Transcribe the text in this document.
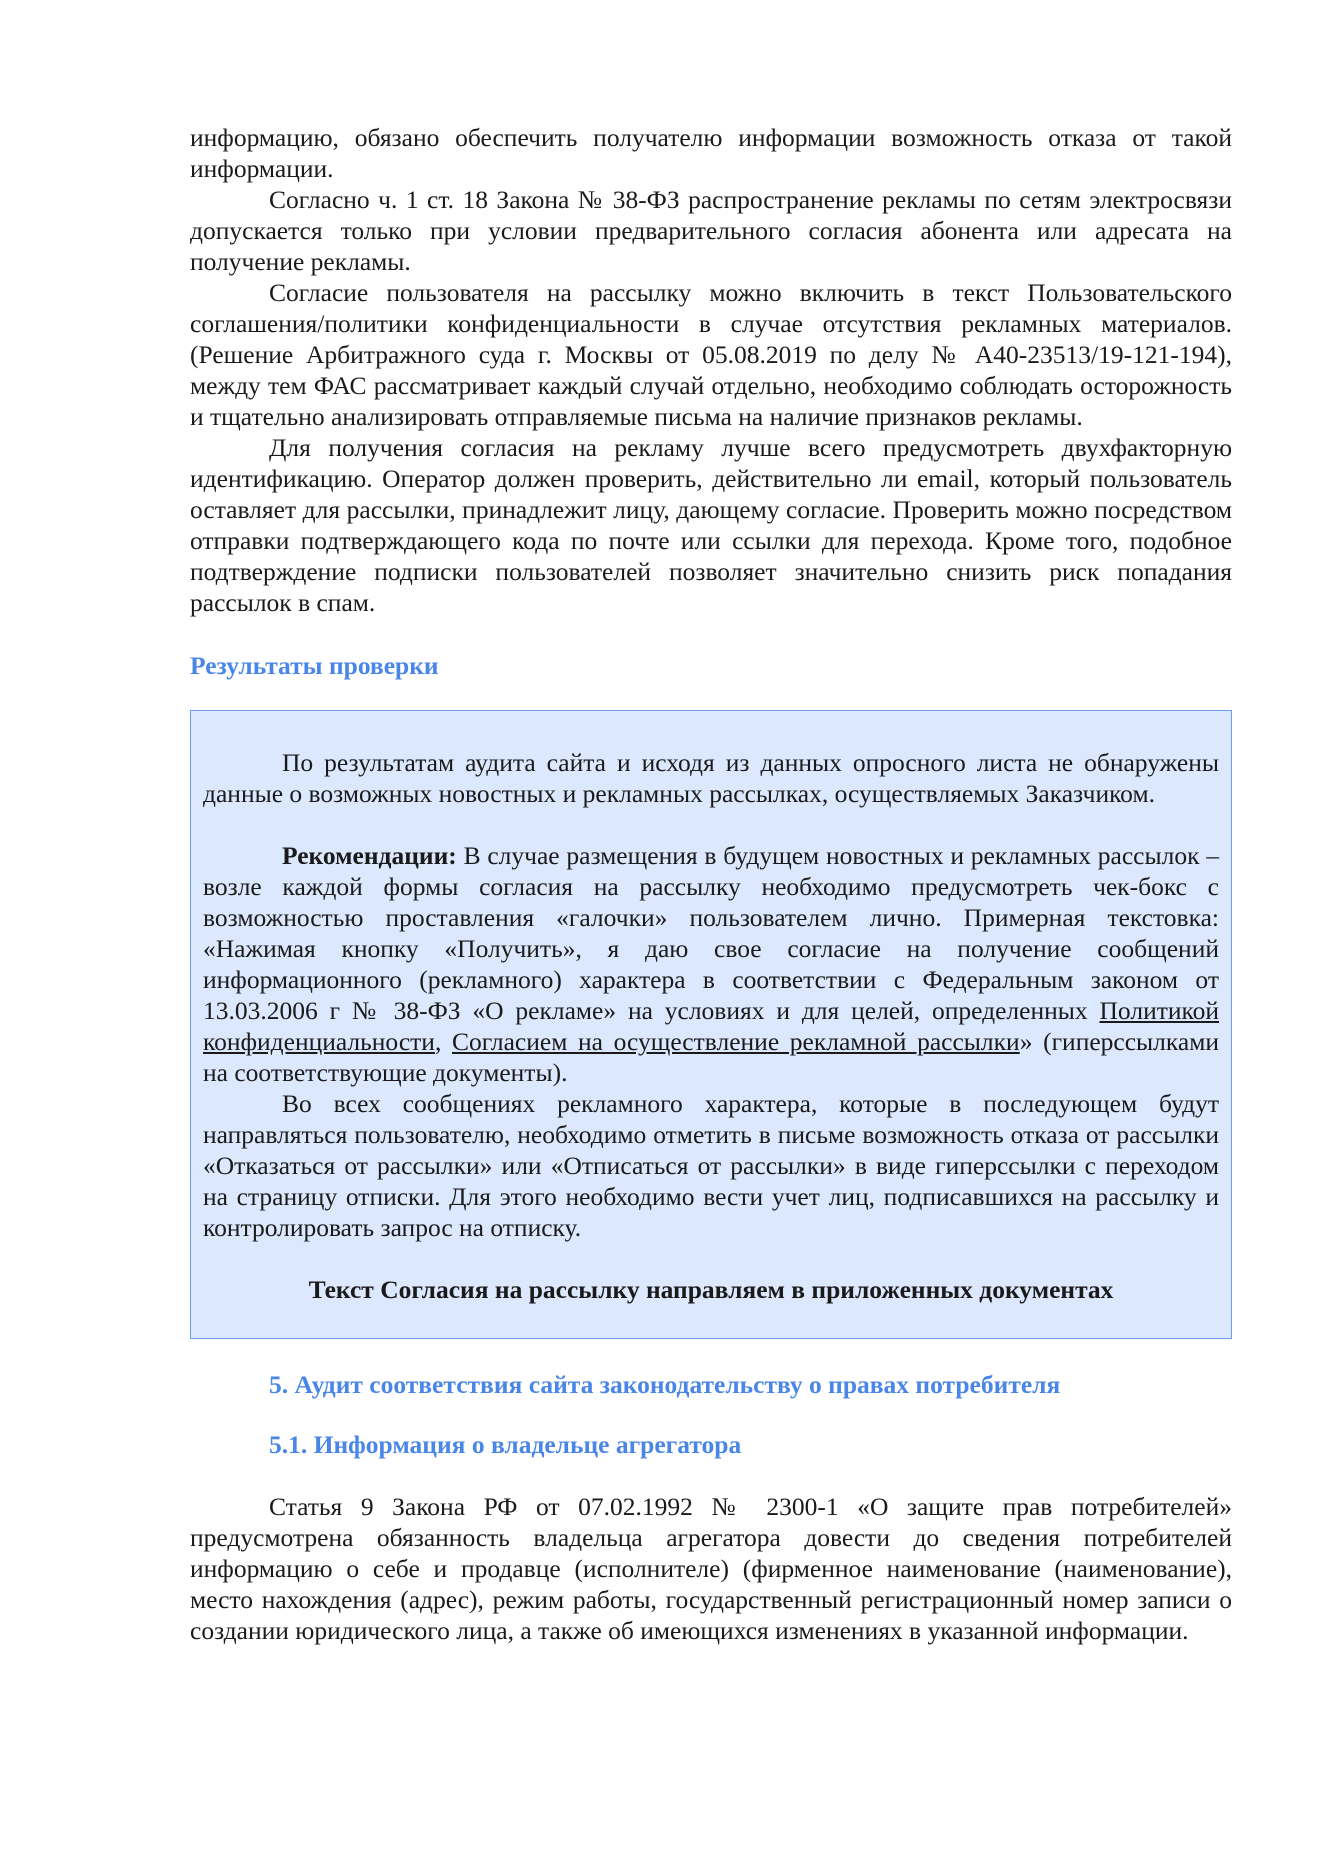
информацию, обязано обеспечить получателю информации возможность отказа от такой информации.

Согласно ч. 1 ст. 18 Закона № 38-ФЗ распространение рекламы по сетям электросвязи допускается только при условии предварительного согласия абонента или адресата на получение рекламы.

Согласие пользователя на рассылку можно включить в текст Пользовательского соглашения/политики конфиденциальности в случае отсутствия рекламных материалов. (Решение Арбитражного суда г. Москвы от 05.08.2019 по делу № А40-23513/19-121-194), между тем ФАС рассматривает каждый случай отдельно, необходимо соблюдать осторожность и тщательно анализировать отправляемые письма на наличие признаков рекламы.

Для получения согласия на рекламу лучше всего предусмотреть двухфакторную идентификацию. Оператор должен проверить, действительно ли email, который пользователь оставляет для рассылки, принадлежит лицу, дающему согласие. Проверить можно посредством отправки подтверждающего кода по почте или ссылки для перехода. Кроме того, подобное подтверждение подписки пользователей позволяет значительно снизить риск попадания рассылок в спам.

Результаты проверки

По результатам аудита сайта и исходя из данных опросного листа не обнаружены данные о возможных новостных и рекламных рассылках, осуществляемых Заказчиком.

Рекомендации: В случае размещения в будущем новостных и рекламных рассылок – возле каждой формы согласия на рассылку необходимо предусмотреть чек-бокс с возможностью проставления «галочки» пользователем лично. Примерная текстовка: «Нажимая кнопку «Получить», я даю свое согласие на получение сообщений информационного (рекламного) характера в соответствии с Федеральным законом от 13.03.2006 г № 38-ФЗ «О рекламе» на условиях и для целей, определенных Политикой конфиденциальности, Согласием на осуществление рекламной рассылки» (гиперссылками на соответствующие документы).

Во всех сообщениях рекламного характера, которые в последующем будут направляться пользователю, необходимо отметить в письме возможность отказа от рассылки «Отказаться от рассылки» или «Отписаться от рассылки» в виде гиперссылки с переходом на страницу отписки. Для этого необходимо вести учет лиц, подписавшихся на рассылку и контролировать запрос на отписку.

Текст Согласия на рассылку направляем в приложенных документах

5. Аудит соответствия сайта законодательству о правах потребителя
5.1. Информация о владельце агрегатора

Статья 9 Закона РФ от 07.02.1992 № 2300-1 «О защите прав потребителей» предусмотрена обязанность владельца агрегатора довести до сведения потребителей информацию о себе и продавце (исполнителе) (фирменное наименование (наименование), место нахождения (адрес), режим работы, государственный регистрационный номер записи о создании юридического лица, а также об имеющихся изменениях в указанной информации.
